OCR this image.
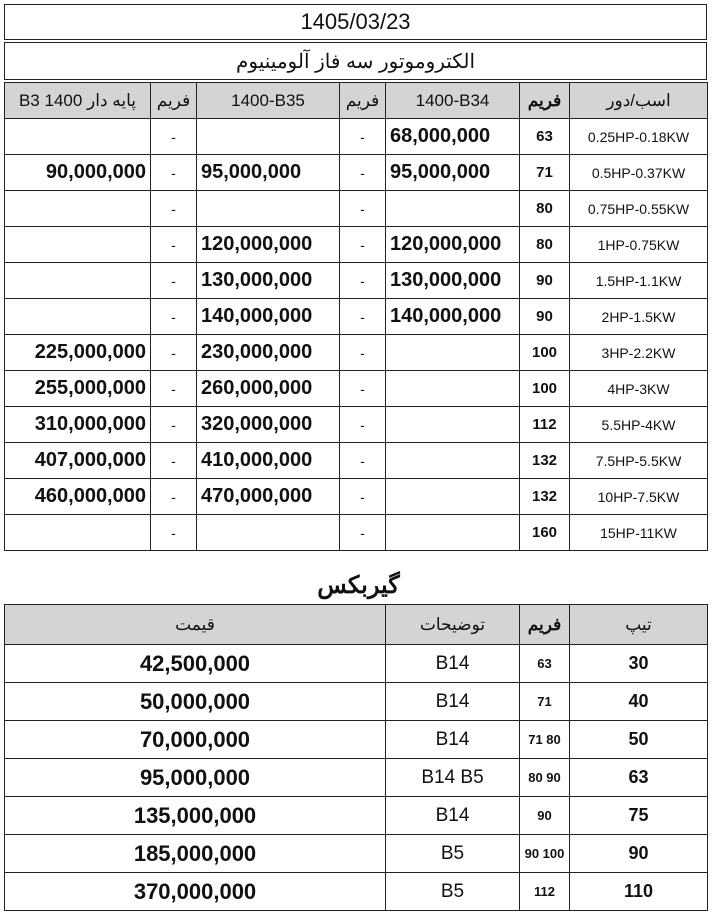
1405/03/23
الکتروموتور سه فاز آلومینیوم
پایه دار B3 1400	فریم	1400-B35	فریم	1400-B34	فریم	اسب/دور
	-		-	68,000,000	63	0.25HP-0.18KW
90,000,000	-	95,000,000	-	95,000,000	71	0.5HP-0.37KW
	-		-		80	0.75HP-0.55KW
	-	120,000,000	-	120,000,000	80	1HP-0.75KW
	-	130,000,000	-	130,000,000	90	1.5HP-1.1KW
	-	140,000,000	-	140,000,000	90	2HP-1.5KW
225,000,000	-	230,000,000	-		100	3HP-2.2KW
255,000,000	-	260,000,000	-		100	4HP-3KW
310,000,000	-	320,000,000	-		112	5.5HP-4KW
407,000,000	-	410,000,000	-		132	7.5HP-5.5KW
460,000,000	-	470,000,000	-		132	10HP-7.5KW
	-		-		160	15HP-11KW
گیربکس
قیمت	توضیحات	فریم	تیپ
42,500,000	B14	63	30
50,000,000	B14	71	40
70,000,000	B14	71 80	50
95,000,000	B14 B5	80 90	63
135,000,000	B14	90	75
185,000,000	B5	90 100	90
370,000,000	B5	112	110
